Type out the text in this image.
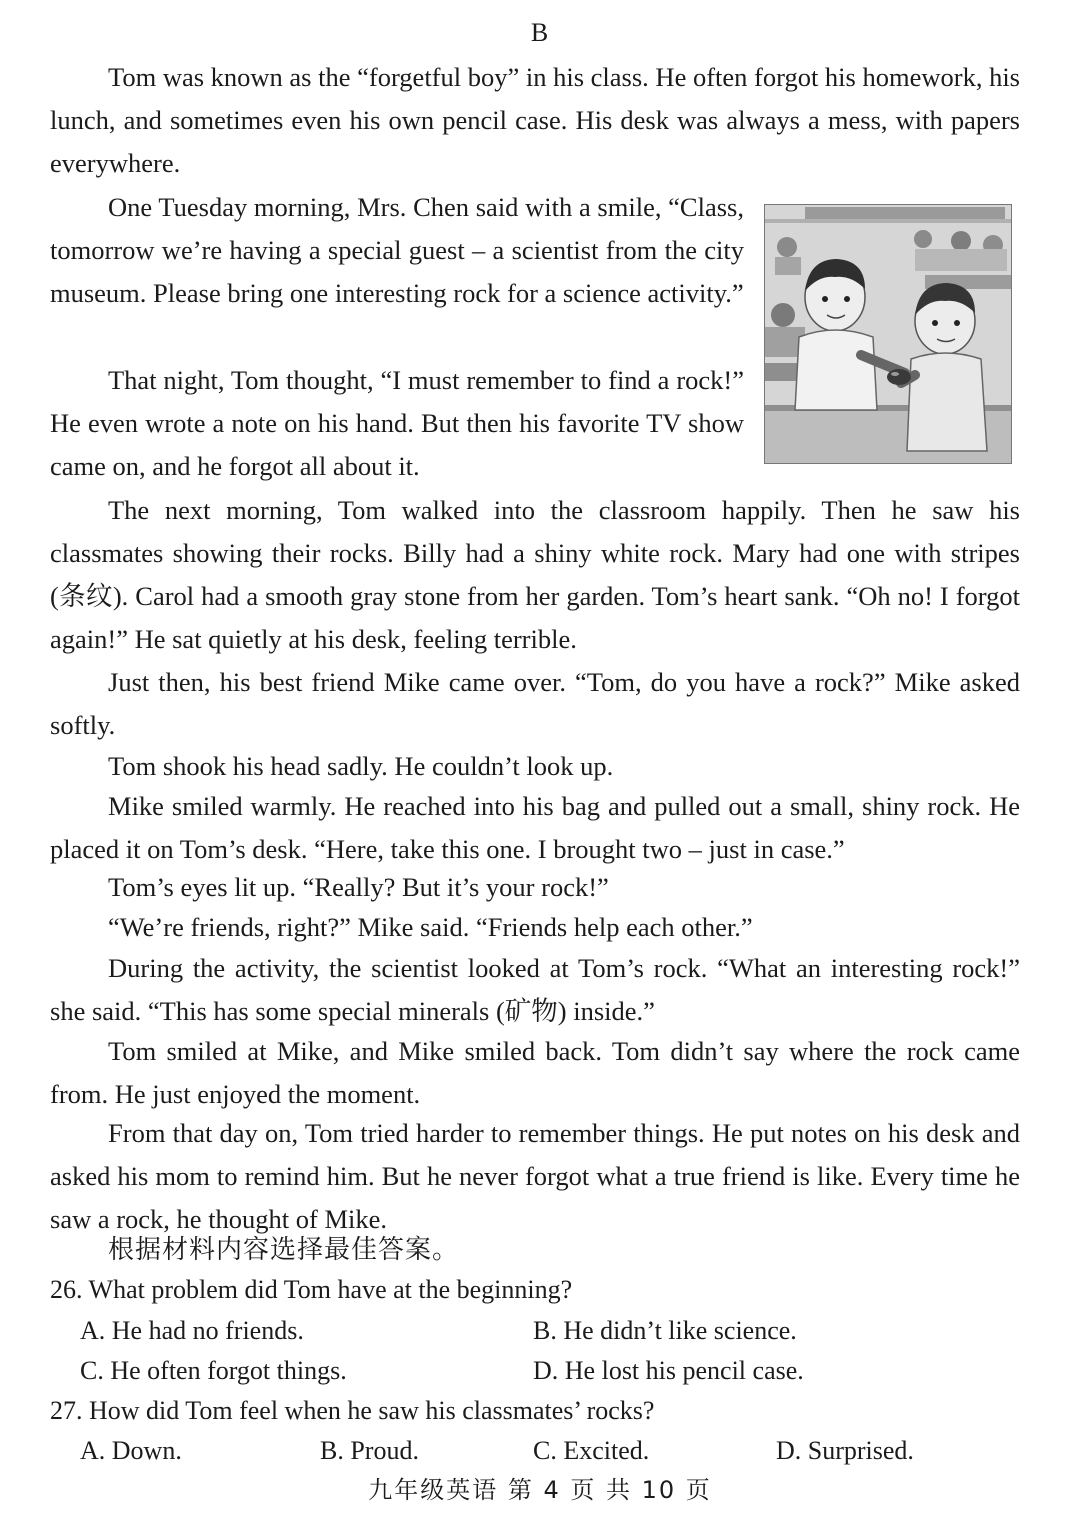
B

Tom was known as the “forgetful boy” in his class. He often forgot his homework, his lunch, and sometimes even his own pencil case. His desk was always a mess, with papers everywhere.

One Tuesday morning, Mrs. Chen said with a smile, “Class, tomorrow we’re having a special guest – a scientist from the city museum. Please bring one interesting rock for a science activity.”

That night, Tom thought, “I must remember to find a rock!” He even wrote a note on his hand. But then his favorite TV show came on, and he forgot all about it.

The next morning, Tom walked into the classroom happily. Then he saw his classmates showing their rocks. Billy had a shiny white rock. Mary had one with stripes (条纹). Carol had a smooth gray stone from her garden. Tom’s heart sank. “Oh no! I forgot again!” He sat quietly at his desk, feeling terrible.

Just then, his best friend Mike came over. “Tom, do you have a rock?” Mike asked softly.

Tom shook his head sadly. He couldn’t look up.

Mike smiled warmly. He reached into his bag and pulled out a small, shiny rock. He placed it on Tom’s desk. “Here, take this one. I brought two – just in case.”

Tom’s eyes lit up. “Really? But it’s your rock!”

“We’re friends, right?” Mike said. “Friends help each other.”

During the activity, the scientist looked at Tom’s rock. “What an interesting rock!” she said. “This has some special minerals (矿物) inside.”

Tom smiled at Mike, and Mike smiled back. Tom didn’t say where the rock came from. He just enjoyed the moment.

From that day on, Tom tried harder to remember things. He put notes on his desk and asked his mom to remind him. But he never forgot what a true friend is like. Every time he saw a rock, he thought of Mike.

根据材料内容选择最佳答案。
26. What problem did Tom have at the beginning?
A. He had no friends.	B. He didn’t like science.
C. He often forgot things.	D. He lost his pencil case.
27. How did Tom feel when he saw his classmates’ rocks?
A. Down.	B. Proud.	C. Excited.	D. Surprised.
九年级英语 第 4 页 共 10 页
